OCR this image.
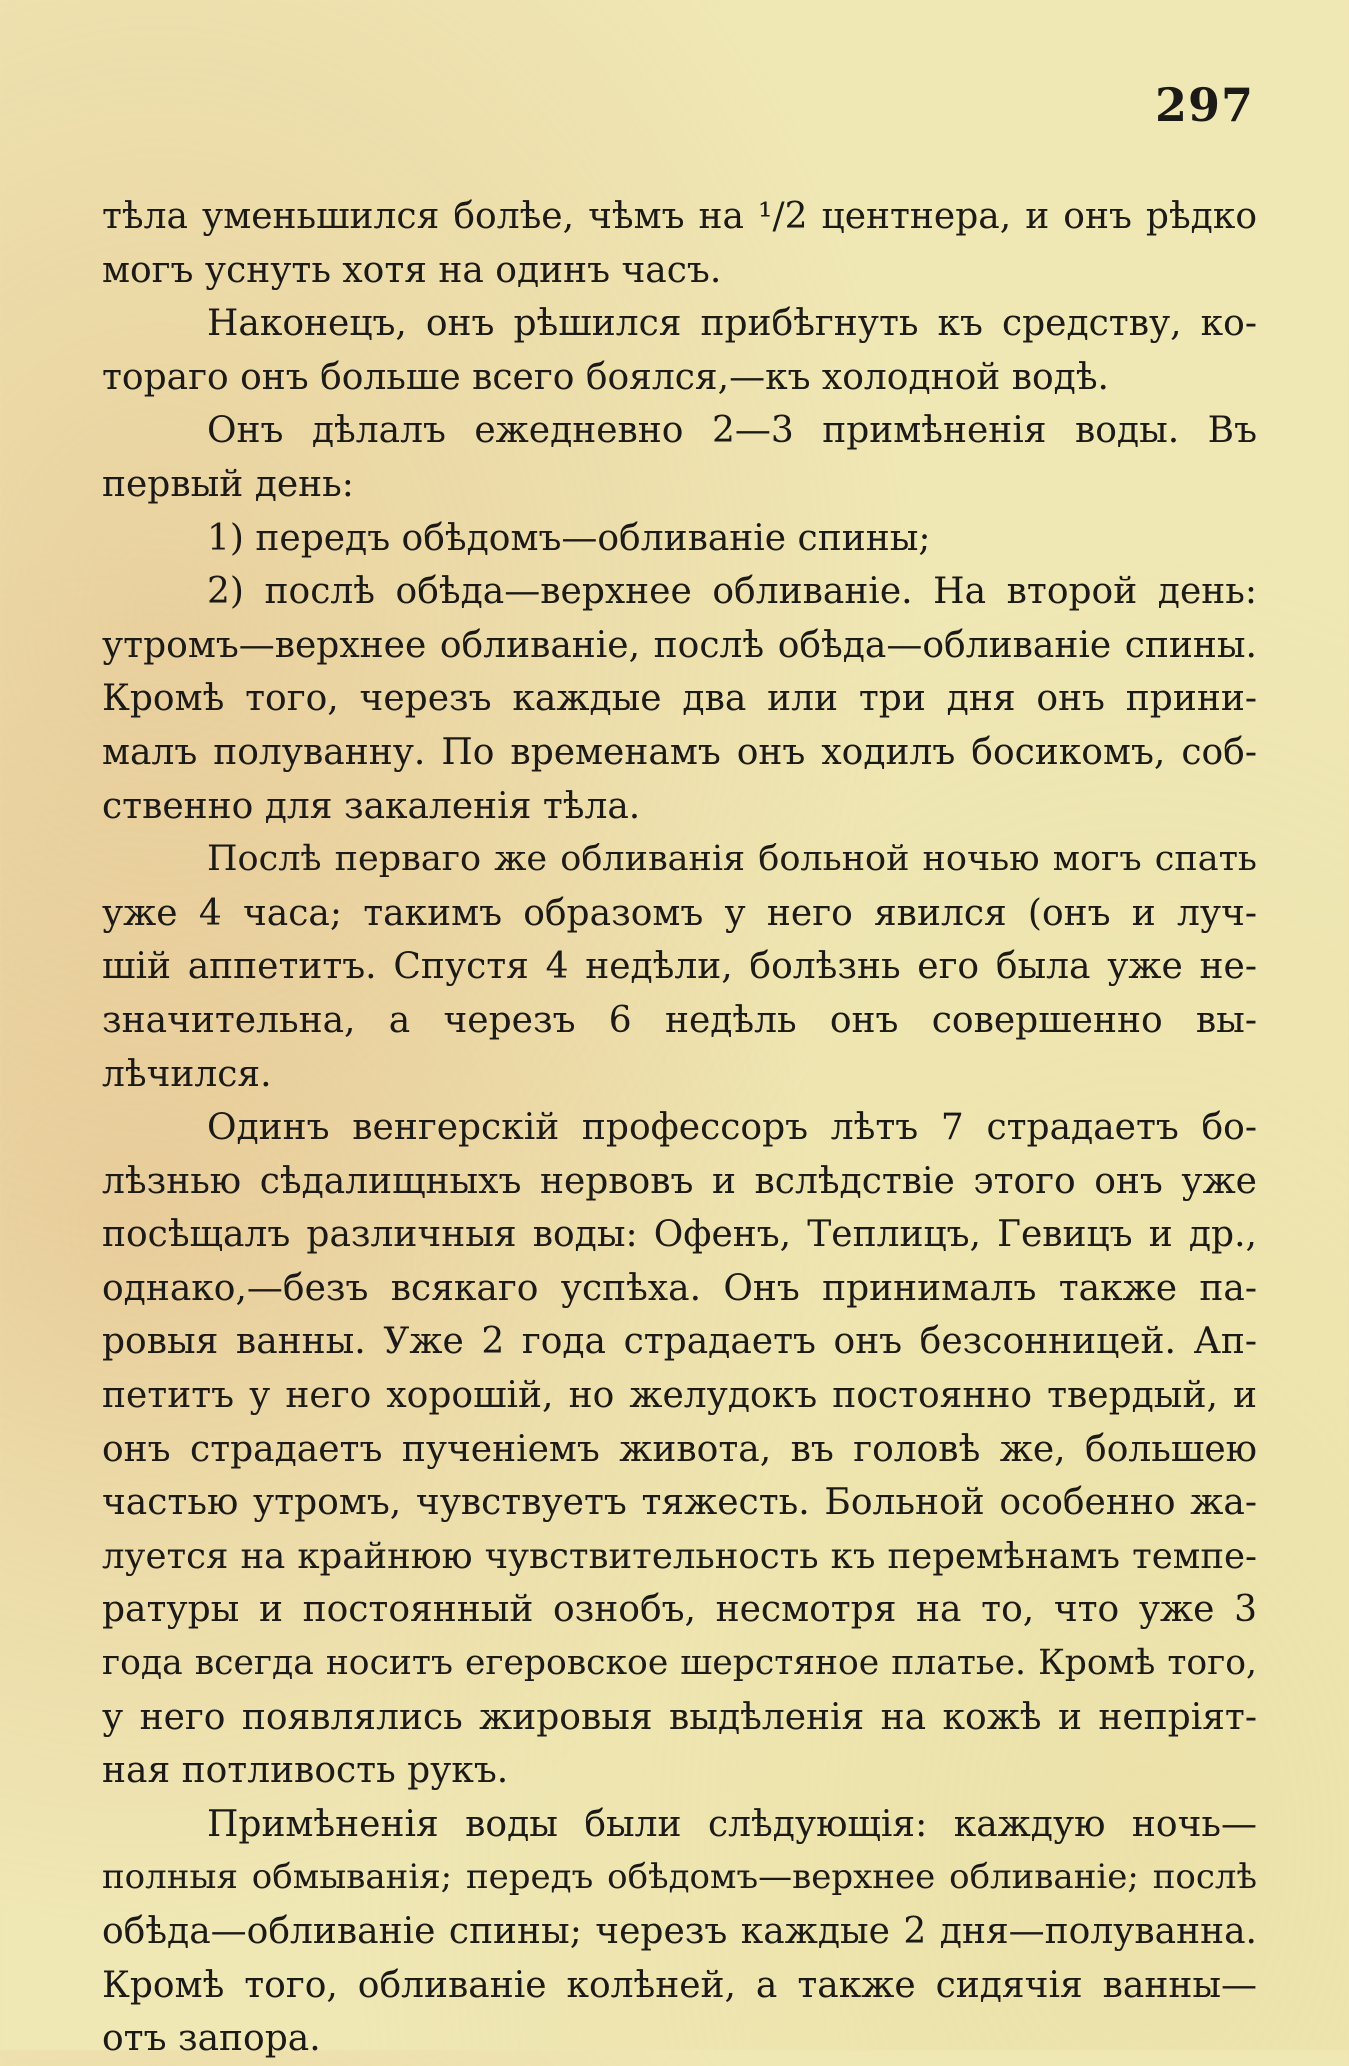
297
тѣла уменьшился болѣе, чѣмъ на ¹/2 центнера, и онъ рѣдко
могъ уснуть хотя на одинъ часъ.
Наконецъ, онъ рѣшился прибѣгнуть къ средству, ко-
тораго онъ больше всего боялся,—къ холодной водѣ.
Онъ дѣлалъ ежедневно 2—3 примѣненія воды. Въ
первый день:
1) передъ обѣдомъ—обливаніе спины;
2) послѣ обѣда—верхнее обливаніе. На второй день:
утромъ—верхнее обливаніе, послѣ обѣда—обливаніе спины.
Кромѣ того, черезъ каждые два или три дня онъ прини-
малъ полуванну. По временамъ онъ ходилъ босикомъ, соб-
ственно для закаленія тѣла.
Послѣ перваго же обливанія больной ночью могъ спать
уже 4 часа; такимъ образомъ у него явился (онъ и луч-
шій аппетитъ. Спустя 4 недѣли, болѣзнь его была уже не-
значительна, а черезъ 6 недѣль онъ совершенно вы-
лѣчился.
Одинъ венгерскій профессоръ лѣтъ 7 страдаетъ бо-
лѣзнью сѣдалищныхъ нервовъ и вслѣдствіе этого онъ уже
посѣщалъ различныя воды: Офенъ, Теплицъ, Гевицъ и др.,
однако,—безъ всякаго успѣха. Онъ принималъ также па-
ровыя ванны. Уже 2 года страдаетъ онъ безсонницей. Ап-
петитъ у него хорошій, но желудокъ постоянно твердый, и
онъ страдаетъ пученіемъ живота, въ головѣ же, большею
частью утромъ, чувствуетъ тяжесть. Больной особенно жа-
луется на крайнюю чувствительность къ перемѣнамъ темпе-
ратуры и постоянный ознобъ, несмотря на то, что уже 3
года всегда носитъ егеровское шерстяное платье. Кромѣ того,
у него появлялись жировыя выдѣленія на кожѣ и непріят-
ная потливость рукъ.
Примѣненія воды были слѣдующія: каждую ночь—
полныя обмыванія; передъ обѣдомъ—верхнее обливаніе; послѣ
обѣда—обливаніе спины; черезъ каждые 2 дня—полуванна.
Кромѣ того, обливаніе колѣней, а также сидячія ванны—
отъ запора.
